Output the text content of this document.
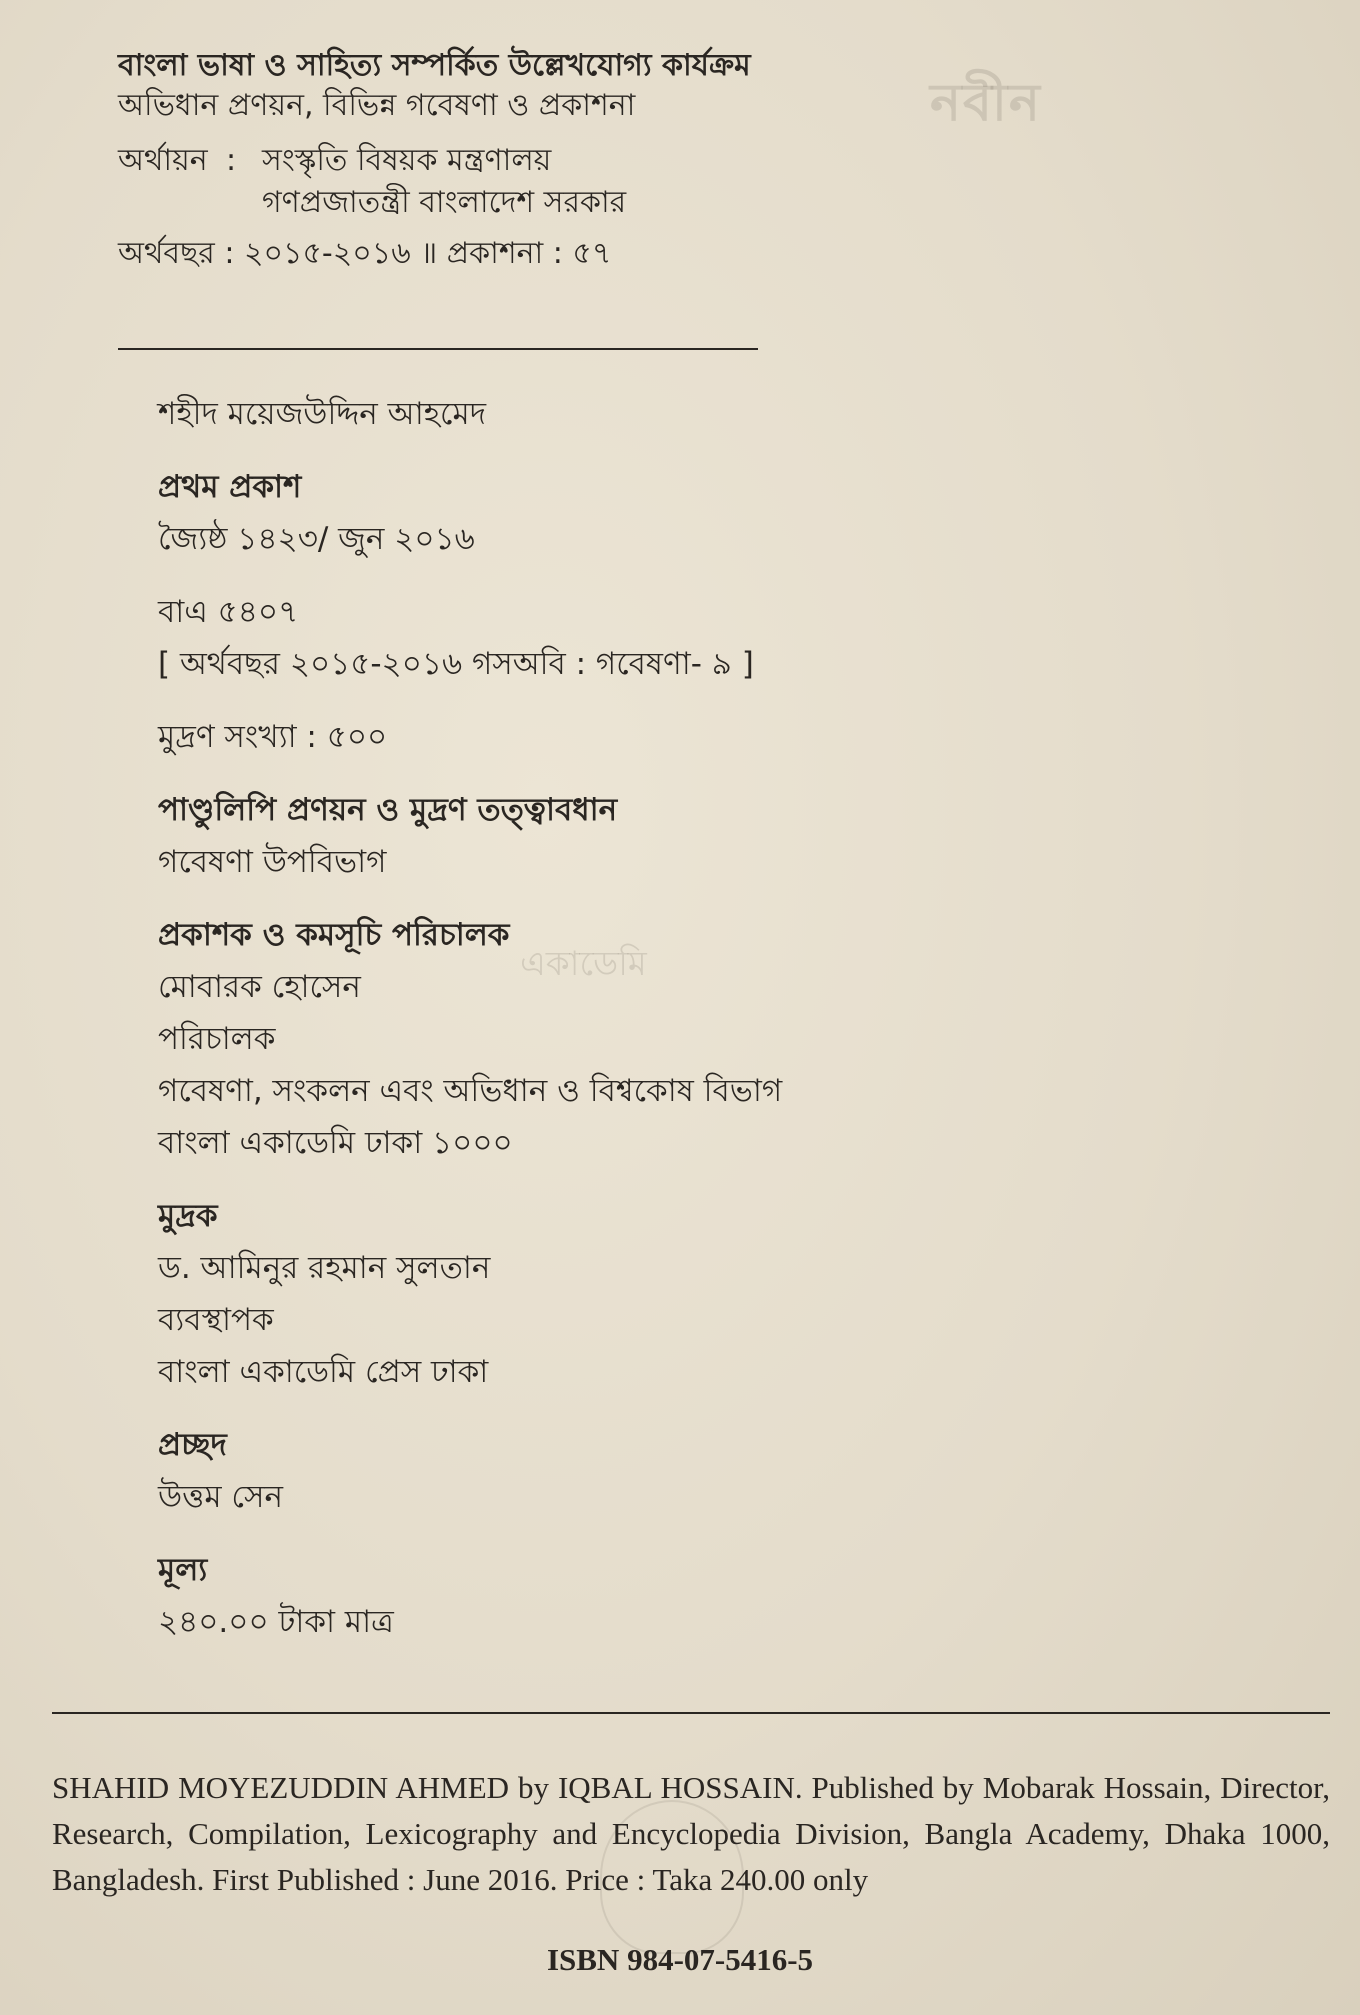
নবীন
একাডেমি

বাংলা ভাষা ও সাহিত্য সম্পর্কিত উল্লেখযোগ্য কার্যক্রম

অভিধান প্রণয়ন, বিভিন্ন গবেষণা ও প্রকাশনা

অর্থায়ন : সংস্কৃতি বিষয়ক মন্ত্রণালয়
গণপ্রজাতন্ত্রী বাংলাদেশ সরকার

অর্থবছর : ২০১৫-২০১৬ ॥ প্রকাশনা : ৫৭

শহীদ ময়েজউদ্দিন আহমেদ

প্রথম প্রকাশ

জ্যৈষ্ঠ ১৪২৩/ জুন ২০১৬

বাএ ৫৪০৭

[ অর্থবছর ২০১৫-২০১৬ গসঅবি : গবেষণা- ৯ ]

মুদ্রণ সংখ্যা : ৫০০

পাণ্ডুলিপি প্রণয়ন ও মুদ্রণ তত্ত্বাবধান

গবেষণা উপবিভাগ

প্রকাশক ও কমসূচি পরিচালক

মোবারক হোসেন

পরিচালক

গবেষণা, সংকলন এবং অভিধান ও বিশ্বকোষ বিভাগ

বাংলা একাডেমি ঢাকা ১০০০

মুদ্রক

ড. আমিনুর রহমান সুলতান

ব্যবস্থাপক

বাংলা একাডেমি প্রেস ঢাকা

প্রচ্ছদ

উত্তম সেন

মূল্য

২৪০.০০ টাকা মাত্র

SHAHID MOYEZUDDIN AHMED by IQBAL HOSSAIN. Published by Mobarak Hossain, Director, Research, Compilation, Lexicography and Encyclopedia Division, Bangla Academy, Dhaka 1000, Bangladesh. First Published : June 2016. Price : Taka 240.00 only

ISBN 984-07-5416-5
